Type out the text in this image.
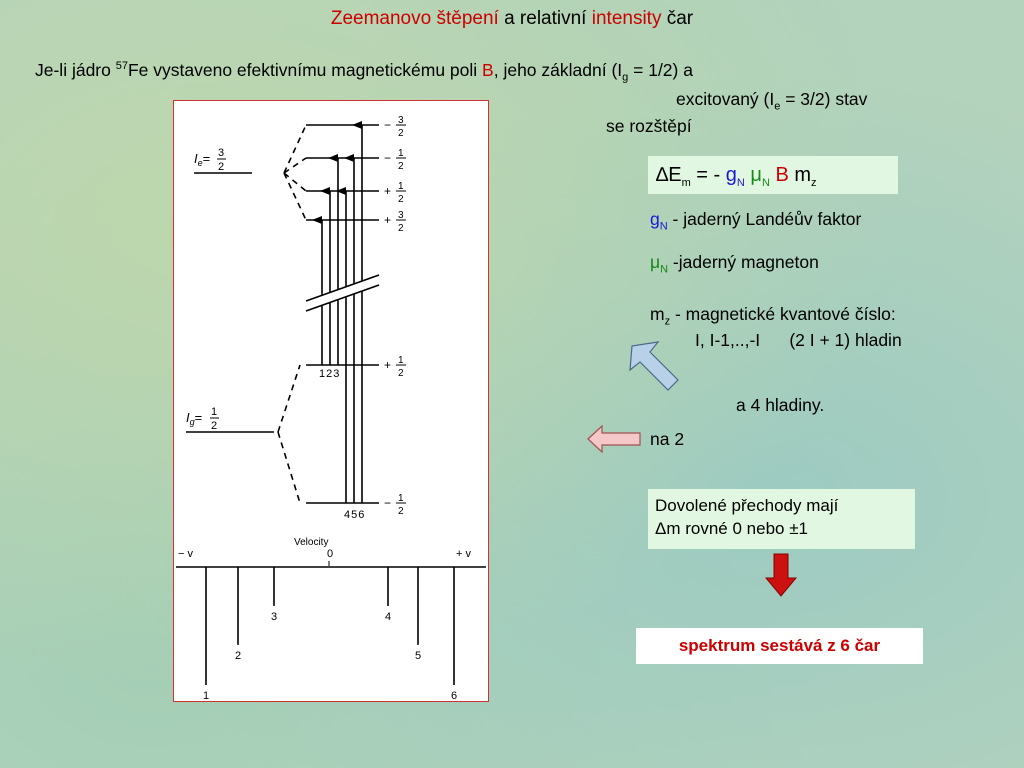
Zeemanovo štěpení a relativní intensity čar
Je-li jádro $^{57}$Fe vystaveno efektivnímu magnetickému poli B, jeho základní $(I_g = 1/2)$ a
excitovaný $(I_e = 3/2)$ stav
se rozštěpí
$I_e= 3$
2
$I_g= 1$
2
− 3
2
− 1
2
+ 1
2
+ 3
2
+ 1
2
− 1
2
123
456
Velocity
− v	0	+ v
1
2
3	4
5
6
$\Delta E_m$ = - $g_N$ $\mu_N$ B $m_z$
$g_N$ - jaderný Landéův faktor
$\mu_N$ -jaderný magneton
$m_z$ - magnetické kvantové číslo:
I, I-1,..,-I      (2 I + 1) hladin
a 4 hladiny.
na 2
Dovolené přechody mají
Δm rovné 0 nebo ±1
spektrum sestává z 6 čar
